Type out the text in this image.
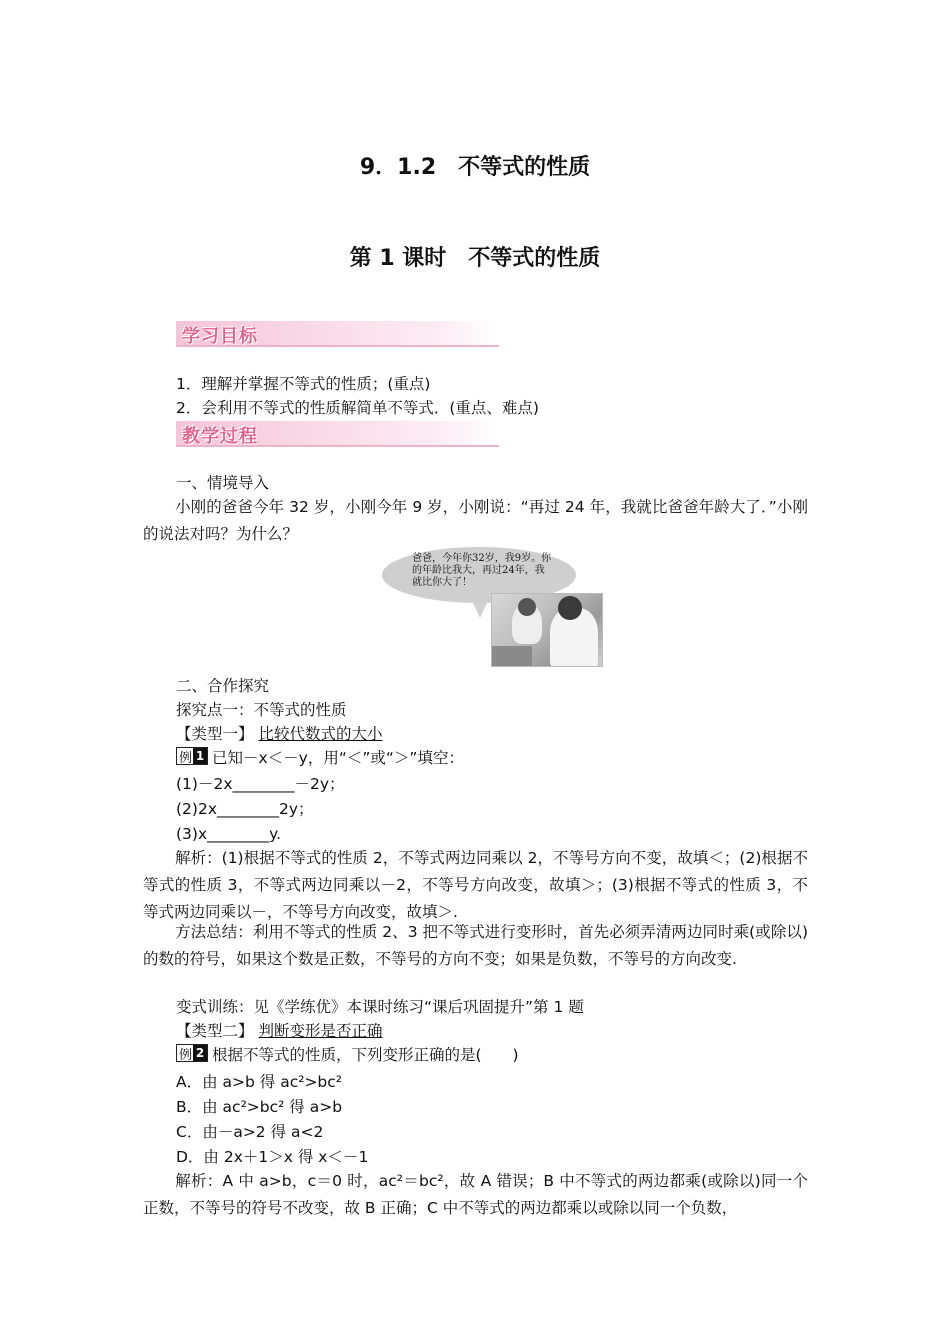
9．1.2　不等式的性质
第 1 课时　不等式的性质
学习目标
1．理解并掌握不等式的性质；(重点)
2．会利用不等式的性质解简单不等式．(重点、难点)
教学过程
一、情境导入
小刚的爸爸今年 32 岁，小刚今年 9 岁，小刚说：“再过 24 年，我就比爸爸年龄大了．”小刚的说法对吗？为什么？
爸爸，今年你32岁，我9岁。你的年龄比我大，再过24年，我就比你大了！
二、合作探究
探究点一：不等式的性质
【类型一】 比较代数式的大小
例 1 已知－x＜－y，用“＜”或“＞”填空：
(1)－2x________－2y；
(2)2x________2y；
(3)x________y.
解析：(1)根据不等式的性质 2，不等式两边同乘以 2，不等号方向不变，故填＜；(2)根据不等式的性质 3，不等式两边同乘以－2，不等号方向改变，故填＞；(3)根据不等式的性质 3，不等式两边同乘以－，不等号方向改变，故填＞.
方法总结：利用不等式的性质 2、3 把不等式进行变形时，首先必须弄清两边同时乘(或除以)的数的符号，如果这个数是正数，不等号的方向不变；如果是负数，不等号的方向改变.
变式训练：见《学练优》本课时练习“课后巩固提升”第 1 题
【类型二】 判断变形是否正确
例 2 根据不等式的性质，下列变形正确的是(　　)
A．由 a>b 得 ac²>bc²
B．由 ac²>bc² 得 a>b
C．由－a>2 得 a<2
D．由 2x＋1＞x 得 x＜－1
解析：A 中 a>b，c＝0 时，ac²＝bc²，故 A 错误；B 中不等式的两边都乘(或除以)同一个正数，不等号的符号不改变，故 B 正确；C 中不等式的两边都乘以或除以同一个负数，
